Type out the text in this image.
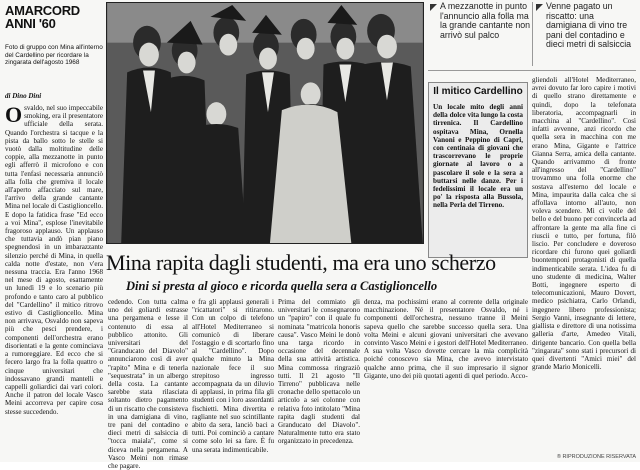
AMARCORD
ANNI '60
Foto di gruppo con Mina all'interno del Cardellino per ricordare la zingarata dell'agosto 1968
di Dino Dini
O svaldo, nel suo impeccabile smoking, era il presentatore ufficiale della serata. Quando l'orchestra si tacque e la pista da ballo sotto le stelle si vuotò dalla moltitudine delle coppie, alla mezzanotte in punto egli afferrò il microfono e con tutta l'enfasi necessaria annunciò alla folla che gremiva il locale all'aperto affacciato sul mare, l'arrivo della grande cantante Mina nel locale di Castiglioncello. E dopo la fatidica frase "Ed ecco a voi Mina", esplose l'inevitabile fragoroso applauso. Un applauso che tuttavia andò pian piano spegnendosi in un imbarazzante silenzio perché di Mina, in quella calda notte d'estate, non v'era nessuna traccia. Era l'anno 1968 nel mese di agosto, esattamente un lunedì 19 e lo scenario più profondo e tanto caro al pubblico del "Cardellino" il mitico ritrovo estivo di Castiglioncello. Mina non arrivava, Osvaldo non sapeva più che pesci prendere, i componenti dell'orchestra erano disorientati e la gente cominciava a rumoreggiare. Ed ecco che si fecero largo fra la folla quattro o cinque universitari che indossavano grandi mantelli e cappelli goliardici dai vari colori. Anche il patron del locale Vasco Meini accorreva per capire cosa stesse succedendo.

A mezzanotte in punto l'annuncio alla folla ma la grande cantante non arrivò sul palco

Venne pagato un riscatto: una damigiana di vino tre pani del contadino e dieci metri di salsiccia

Il mitico Cardellino
Un locale mito degli anni della dolce vita lungo la costa tirrenica. Il Cardellino ospitava Mina, Ornella Vanoni e Peppino di Capri, con centinaia di giovani che trascorrevano le proprie giornate al lavoro o a pascolare il sole e la sera a buttarsi nelle danze. Per i fedelissimi il locale era un po' la risposta alla Bussola, nella Perla del Tirreno.
gliendoli all'Hotel Mediterraneo, avrei dovuto far loro capire i motivi di quello strano direttamente e quindi, dopo la telefonata liberatoria, accompagnarli in macchina al "Cardellino". Così infatti avvenne, anzi ricordo che quella sera in macchina con me erano Mina, Gigante e l'attrice Gianna Serra, amica della cantante. Quando arrivammo di fronte all'ingresso del "Cardellino" trovammo una folla enorme che sostava all'esterno del locale e Mina, impaurita dalla calca che si affollava intorno all'auto, non voleva scendere. Mi ci volle del bello e del buono per convincerla ad affrontare la gente ma alla fine ci riuscii e tutto, per fortuna, filò liscio. Per concludere e doveroso ricordare chi furono quei goliardi buontemponi protagonisti di quella indimenticabile serata. L'idea fu di uno studente di medicina, Walter Botti, ingegnere esperto di telecomunicazioni, Mauro Dovert, medico psichiatra, Carlo Orlandi, ingegnere libero professionista; Sergio Vanni, insegnante di lettere, giallista e direttore di una notissima galleria d'arte, Amedeo Vitali, dirigente bancario. Con quella bella "zingarata" sono stati i precursori di quei divertenti "Amici miei" del grande Mario Monicelli.
Mina rapita dagli studenti, ma era uno scherzo
Dini si presta al gioco e ricorda quella sera a Castiglioncello
cedendo. Con tutta calma uno dei goliardi estrasse una pergamena e lesse il contenuto di essa al pubblico attonito. Gli universitari del "Granducato del Diavolo" annunciarono così di aver "rapito" Mina e di tenerla "sequestrata" in un albergo della costa. La cantante sarebbe stata rilasciata soltanto dietro pagamento di un riscatto che consisteva in una damigiana di vino, tre pani del contadino e dieci metri di salsiccia di "tocca maiala", come si diceva nella pergamena. A Vasco Meini non rimase che pagare.
e fra gli applausi generali i "ricattatori" si ritirarono. Con un colpo di telefono all'Hotel Mediterraneo si comunicò di liberare l'ostaggio e di scortarlo fino al "Cardellino". Dopo qualche minuto la Mina nazionale fece il suo strepitoso ingresso accompagnata da un diluvio di applausi, in prima fila gli studenti con i loro assordanti fischietti. Mina divertita e ragliante nel suo scintillante abito da sera, lanciò baci a tutti. Poi cominciò a cantare come solo lei sa fare. È fu una serata indimenticabile.
Prima del commiato gli universitari le consegnarono un "papiro" con il quale fu nominata "matricola honoris causa". Vasco Meini le donò una targa ricordo in occasione del decennale della sua attività artistica. Mina commossa ringraziò tutti. Il 21 agosto "Il Tirreno" pubblicava nelle cronache dello spettacolo un articolo a sei colonne con relativa foto intitolato "Mina rapita dagli studenti dal Granducato del Diavolo". Naturalmente tutto era stato organizzato in precedenza.
denza, ma pochissimi erano al corrente della originale macchinazione. Né il presentatore Osvaldo, né i componenti dell'orchestra, nessuno tranne il Meini sapeva quello che sarebbe successo quella sera. Una volta Meini e alcuni giovani universitari che avevano convinto Vasco Meini e i gestori dell'Hotel Mediterraneo. A sua volta Vasco dovette cercare la mia complicità poiché conoscevo sia Mina, che avevo intervistato qualche anno prima, che il suo impresario il signor Gigante, uno dei più quotati agenti di quel periodo. Acco-
® RIPRODUZIONE RISERVATA
